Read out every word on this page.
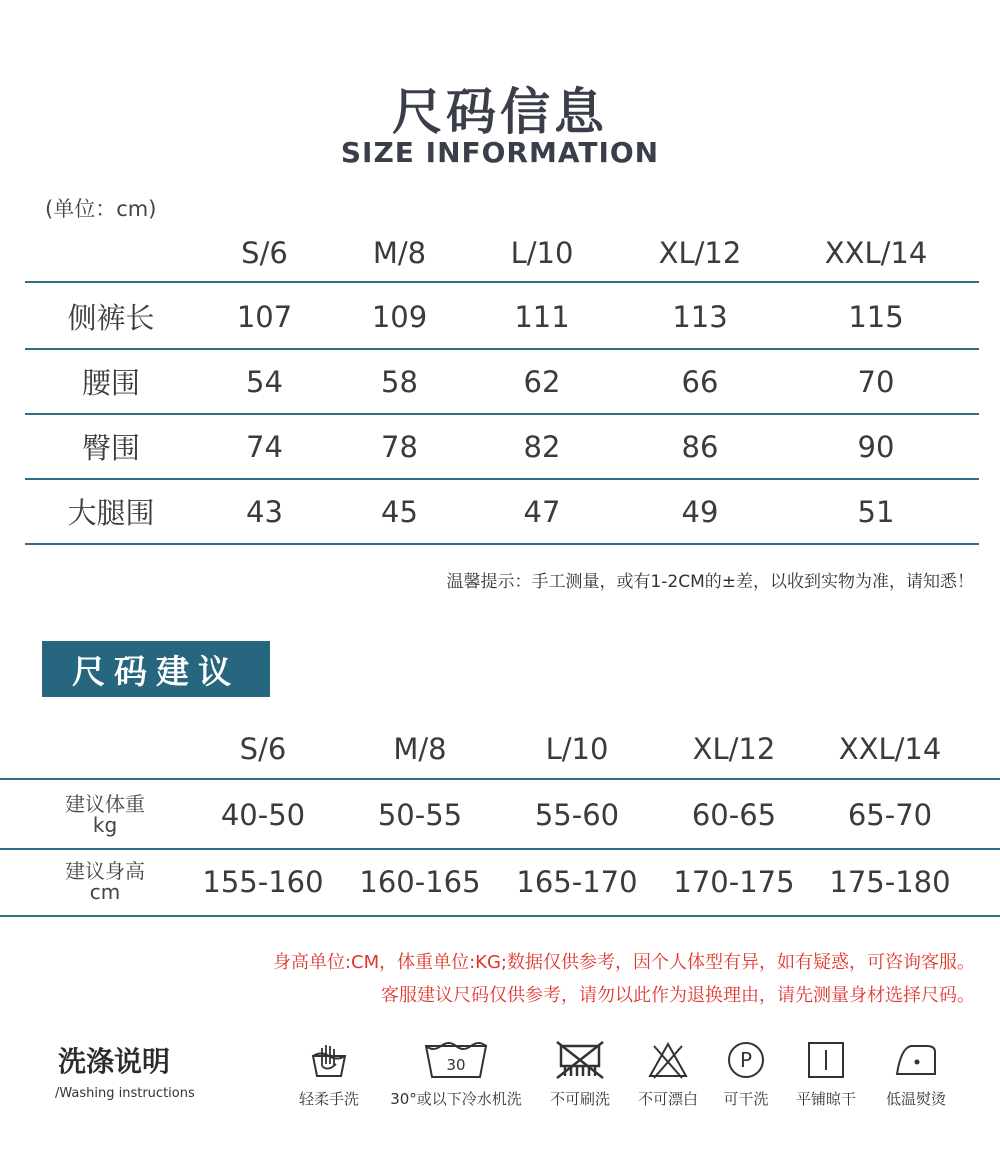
尺码信息
SIZE INFORMATION
(单位：cm)
S/6	M/8	L/10	XL/12	XXL/14
侧裤长	107	109	111	113	115
腰围	54	58	62	66	70
臀围	74	78	82	86	90
大腿围	43	45	47	49	51
温馨提示：手工测量，或有1-2CM的±差，以收到实物为准，请知悉！
尺码建议
S/6	M/8	L/10	XL/12	XXL/14
建议体重
kg	40-50	50-55	55-60	60-65	65-70
建议身高
cm	155-160	160-165	165-170	170-175	175-180
身高单位:CM，体重单位:KG;数据仅供参考，因个人体型有异，如有疑惑，可咨询客服。
客服建议尺码仅供参考，请勿以此作为退换理由，请先测量身材选择尺码。
洗涤说明
/Washing instructions	轻柔手洗
30
30°或以下冷水机洗 不可刷洗 不可漂白
P
可干洗 平铺晾干 低温熨烫
